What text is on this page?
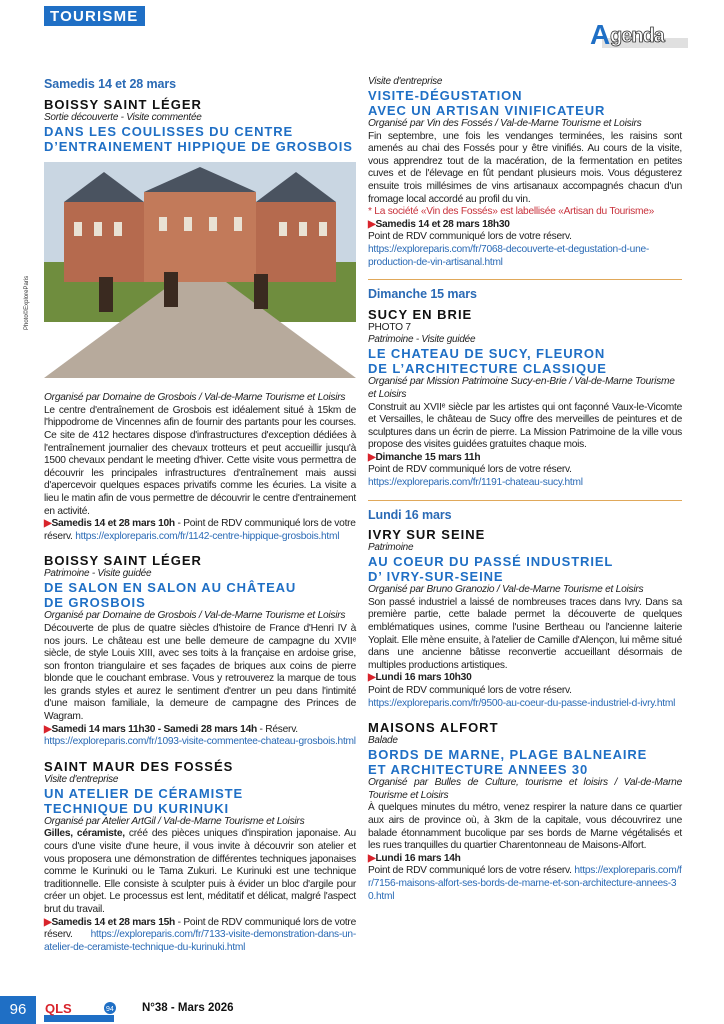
TOURISME
A genda
Photo©ExploreParis
Samedis 14 et 28 mars
BOISSY SAINT LÉGER
Sortie découverte - Visite commentée
DANS LES COULISSES DU CENTRE
D’ENTRAINEMENT HIPPIQUE DE GROSBOIS
Organisé par Domaine de Grosbois / Val-de-Marne Tourisme et Loisirs
Le centre d'entraînement de Grosbois est idéalement situé à 15km de l'hippodrome de Vincennes afin de fournir des partants pour les courses. Ce site de 412 hectares dispose d'infrastructures d'exception dédiées à l'entraînement journalier des chevaux trotteurs et peut accueillir jusqu'à 1500 chevaux pendant le meeting d'hiver. Cette visite vous permettra de découvrir les principales infrastructures d'entraînement mais aussi d'apercevoir quelques espaces privatifs comme les écuries. La visite a lieu le matin afin de vous permettre de découvrir le centre d'entrainement en activité.
▶Samedis 14 et 28 mars 10h - Point de RDV communiqué lors de votre réserv. https://exploreparis.com/fr/1142-centre-hippique-grosbois.html
BOISSY SAINT LÉGER
Patrimoine - Visite guidée
DE SALON EN SALON AU CHÂTEAU
DE GROSBOIS
Organisé par Domaine de Grosbois / Val-de-Marne Tourisme et Loisirs
Découverte de plus de quatre siècles d'histoire de France d'Henri IV à nos jours. Le château est une belle demeure de campagne du XVIIᵉ siècle, de style Louis XIII, avec ses toits à la française en ardoise grise, son fronton triangulaire et ses façades de briques aux coins de pierre blonde que le couchant embrase. Vous y retrouverez la marque de tous les grands styles et aurez le sentiment d'entrer un peu dans l'intimité d'une maison familiale, la demeure de campagne des Princes de Wagram.
▶Samedi 14 mars 11h30 - Samedi 28 mars 14h - Réserv. https://exploreparis.com/fr/1093-visite-commentee-chateau-grosbois.html
SAINT MAUR DES FOSSÉS
Visite d'entreprise
UN ATELIER DE CÉRAMISTE
TECHNIQUE DU KURINUKI
Organisé par Atelier ArtGil / Val-de-Marne Tourisme et Loisirs
Gilles, céramiste, créé des pièces uniques d'inspiration japonaise. Au cours d'une visite d'une heure, il vous invite à découvrir son atelier et vous proposera une démonstration de différentes techniques japonaises comme le Kurinuki ou le Tama Zukuri. Le Kurinuki est une technique traditionnelle. Elle consiste à sculpter puis à évider un bloc d'argile pour créer un objet. Le processus est lent, méditatif et délicat, malgré l'aspect brut du travail.
▶Samedis 14 et 28 mars 15h - Point de RDV communiqué lors de votre réserv. https://exploreparis.com/fr/7133-visite-demonstration-dans-un-atelier-de-ceramiste-technique-du-kurinuki.html
Visite d'entreprise
VISITE-DÉGUSTATION
AVEC UN ARTISAN VINIFICATEUR
Organisé par Vin des Fossés / Val-de-Marne Tourisme et Loisirs
Fin septembre, une fois les vendanges terminées, les raisins sont amenés au chai des Fossés pour y être vinifiés. Au cours de la visite, vous apprendrez tout de la macération, de la fermentation en petites cuves et de l'élevage en fût pendant plusieurs mois. Vous dégusterez ensuite trois millésimes de vins artisanaux accompagnés chacun d'un fromage local accordé au profil du vin.
* La société «Vin des Fossés» est labellisée «Artisan du Tourisme»
▶Samedis 14 et 28 mars 18h30
Point de RDV communiqué lors de votre réserv. https://exploreparis.com/fr/7068-decouverte-et-degustation-d-une-production-de-vin-artisanal.html
Dimanche 15 mars
SUCY EN BRIE
PHOTO 7
Patrimoine - Visite guidée
LE CHATEAU DE SUCY, FLEURON
DE L’ARCHITECTURE CLASSIQUE
Organisé par Mission Patrimoine Sucy-en-Brie / Val-de-Marne Tourisme et Loisirs
Construit au XVIIᵉ siècle par les artistes qui ont façonné Vaux-le-Vicomte et Versailles, le château de Sucy offre des merveilles de peintures et de sculptures dans un écrin de pierre. La Mission Patrimoine de la ville vous propose des visites guidées gratuites chaque mois.
▶Dimanche 15 mars 11h
Point de RDV communiqué lors de votre réserv. https://exploreparis.com/fr/1191-chateau-sucy.html
Lundi 16 mars
IVRY SUR SEINE
Patrimoine
AU COEUR DU PASSÉ INDUSTRIEL
D’ IVRY-SUR-SEINE
Organisé par Bruno Granozio / Val-de-Marne Tourisme et Loisirs
Son passé industriel a laissé de nombreuses traces dans Ivry. Dans sa première partie, cette balade permet la découverte de quelques emblématiques usines, comme l'usine Bertheau ou l'ancienne laiterie Yoplait. Elle mène ensuite, à l'atelier de Camille d'Alençon, lui même situé dans une ancienne bâtisse reconvertie accueillant désormais de multiples productions artistiques.
▶Lundi 16 mars 10h30
Point de RDV communiqué lors de votre réserv. https://exploreparis.com/fr/9500-au-coeur-du-passe-industriel-d-ivry.html
MAISONS ALFORT
Balade
BORDS DE MARNE, PLAGE BALNEAIRE
ET ARCHITECTURE ANNEES 30
Organisé par Bulles de Culture, tourisme et loisirs / Val-de-Marne Tourisme et Loisirs
À quelques minutes du métro, venez respirer la nature dans ce quartier aux airs de province où, à 3km de la capitale, vous découvrirez une balade étonnamment bucolique par ses bords de Marne végétalisés et les rues tranquilles du quartier Charentonneau de Maisons-Alfort.
▶Lundi 16 mars 14h
Point de RDV communiqué lors de votre réserv. https://exploreparis.com/fr/7156-maisons-alfort-ses-bords-de-marne-et-son-architecture-annees-30.html
96	QLS	94 N°38 - Mars 2026
